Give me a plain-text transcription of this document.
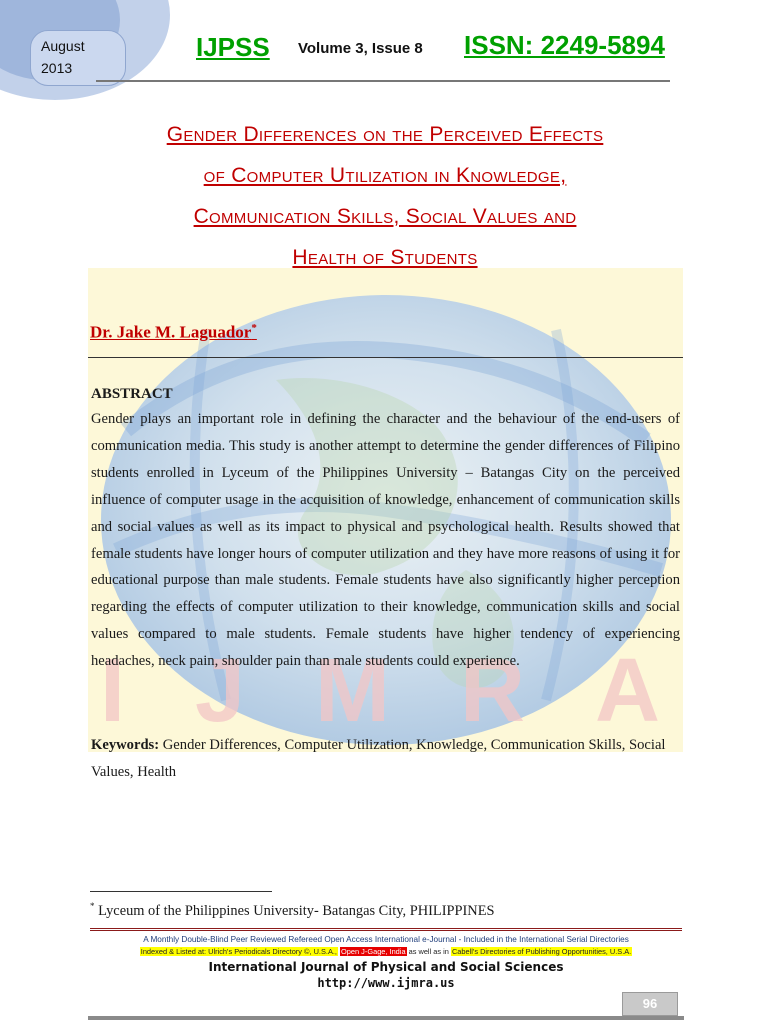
August
2013
IJPSS Volume 3, Issue 8 ISSN: 2249-5894
I J M R A
Gender Differences on the Perceived Effects
of Computer Utilization in Knowledge,
Communication Skills, Social Values and
Health of Students
Dr. Jake M. Laguador*
ABSTRACT
Gender plays an important role in defining the character and the behaviour of the end-users of communication media. This study is another attempt to determine the gender differences of Filipino students enrolled in Lyceum of the Philippines University – Batangas City on the perceived influence of computer usage in the acquisition of knowledge, enhancement of communication skills and social values as well as its impact to physical and psychological health. Results showed that female students have longer hours of computer utilization and they have more reasons of using it for educational purpose than male students. Female students have also significantly higher perception regarding the effects of computer utilization to their knowledge, communication skills and social values compared to male students. Female students have higher tendency of experiencing headaches, neck pain, shoulder pain than male students could experience.
Keywords: Gender Differences, Computer Utilization, Knowledge, Communication Skills, Social Values, Health
* Lyceum of the Philippines University- Batangas City, PHILIPPINES
A Monthly Double-Blind Peer Reviewed Refereed Open Access International e-Journal - Included in the International Serial Directories
Indexed & Listed at: Ulrich's Periodicals Directory ©, U.S.A., Open J-Gage, India as well as in Cabell's Directories of Publishing Opportunities, U.S.A.
International Journal of Physical and Social Sciences
http://www.ijmra.us
96
